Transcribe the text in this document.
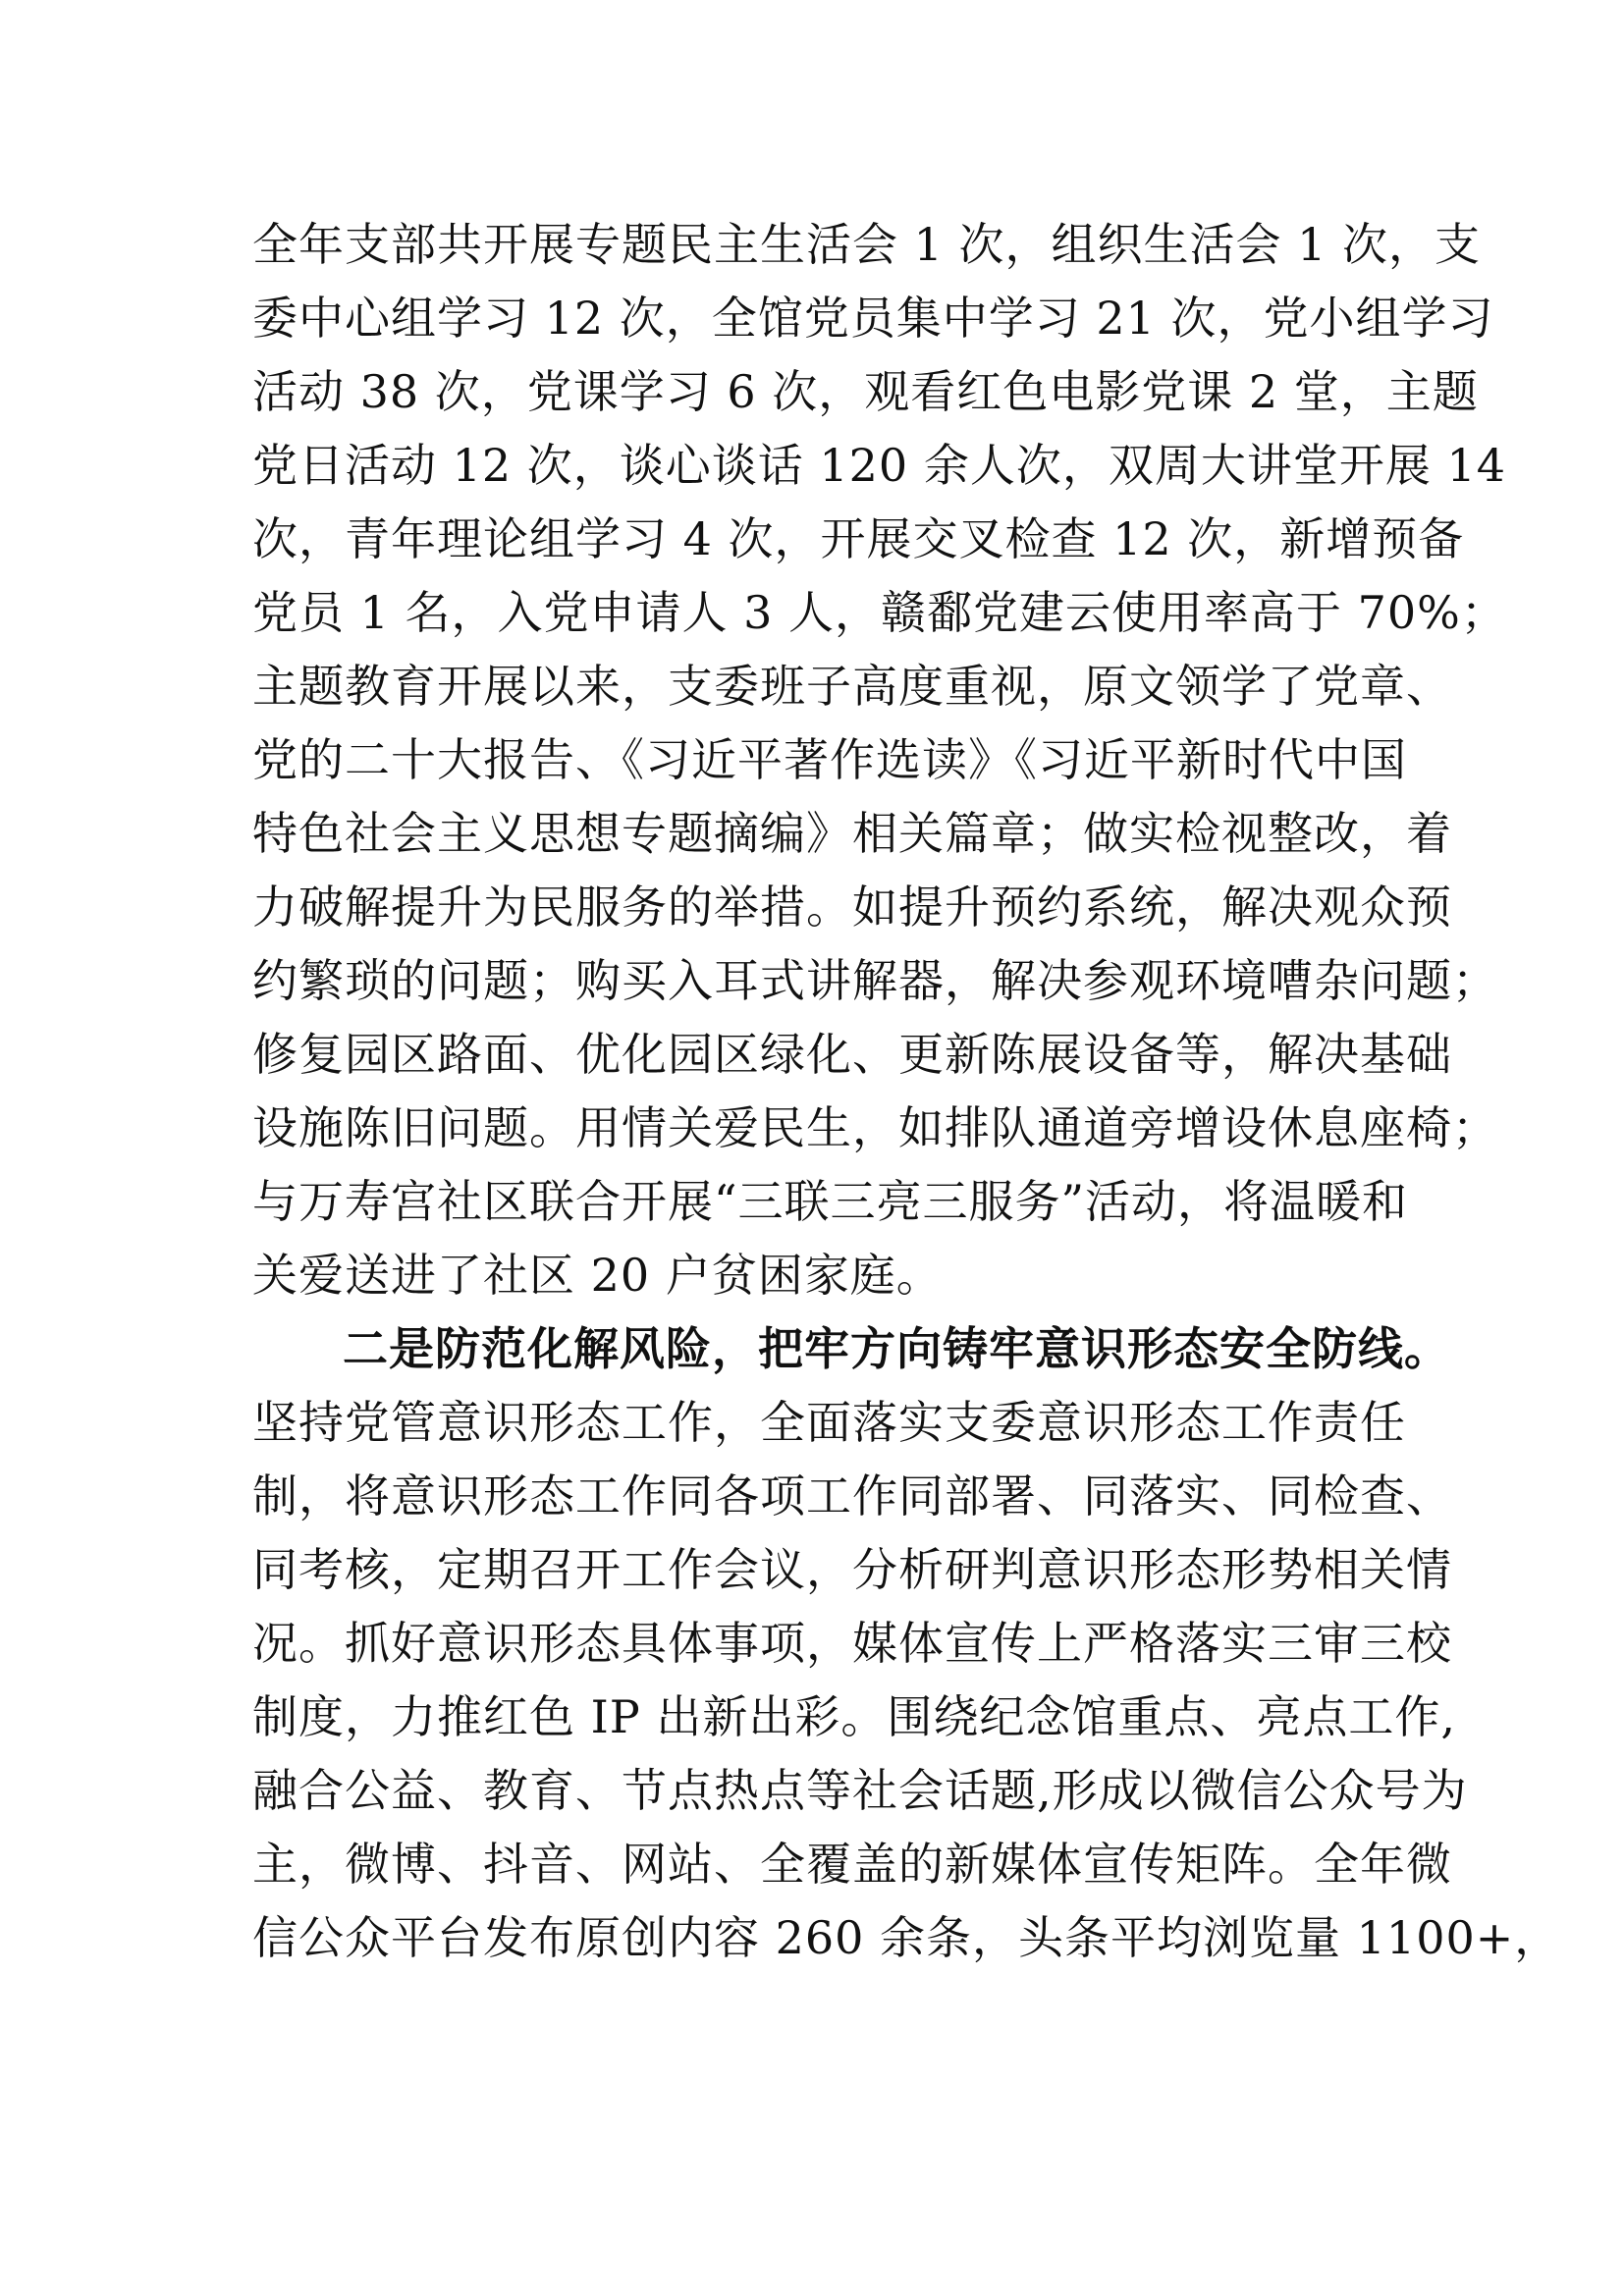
全年支部共开展专题民主生活会 1 次，组织生活会 1 次，支
委中心组学习 12 次，全馆党员集中学习 21 次，党小组学习
活动 38 次，党课学习 6 次，观看红色电影党课 2 堂，主题
党日活动 12 次，谈心谈话 120 余人次，双周大讲堂开展 14
次，青年理论组学习 4 次，开展交叉检查 12 次，新增预备
党员 1 名，入党申请人 3 人，赣鄱党建云使用率高于 70%；
主题教育开展以来，支委班子高度重视，原文领学了党章、
党的二十大报告、《习近平著作选读》《习近平新时代中国
特色社会主义思想专题摘编》相关篇章；做实检视整改，着
力破解提升为民服务的举措。如提升预约系统，解决观众预
约繁琐的问题；购买入耳式讲解器，解决参观环境嘈杂问题；
修复园区路面、优化园区绿化、更新陈展设备等，解决基础
设施陈旧问题。用情关爱民生，如排队通道旁增设休息座椅；
与万寿宫社区联合开展“三联三亮三服务”活动，将温暖和
关爱送进了社区 20 户贫困家庭。
二是防范化解风险，把牢方向铸牢意识形态安全防线。
坚持党管意识形态工作，全面落实支委意识形态工作责任
制，将意识形态工作同各项工作同部署、同落实、同检查、
同考核，定期召开工作会议，分析研判意识形态形势相关情
况。抓好意识形态具体事项，媒体宣传上严格落实三审三校
制度，力推红色 IP 出新出彩。围绕纪念馆重点、亮点工作,
融合公益、教育、节点热点等社会话题,形成以微信公众号为
主，微博、抖音、网站、全覆盖的新媒体宣传矩阵。全年微
信公众平台发布原创内容 260 余条，头条平均浏览量 1100+，
